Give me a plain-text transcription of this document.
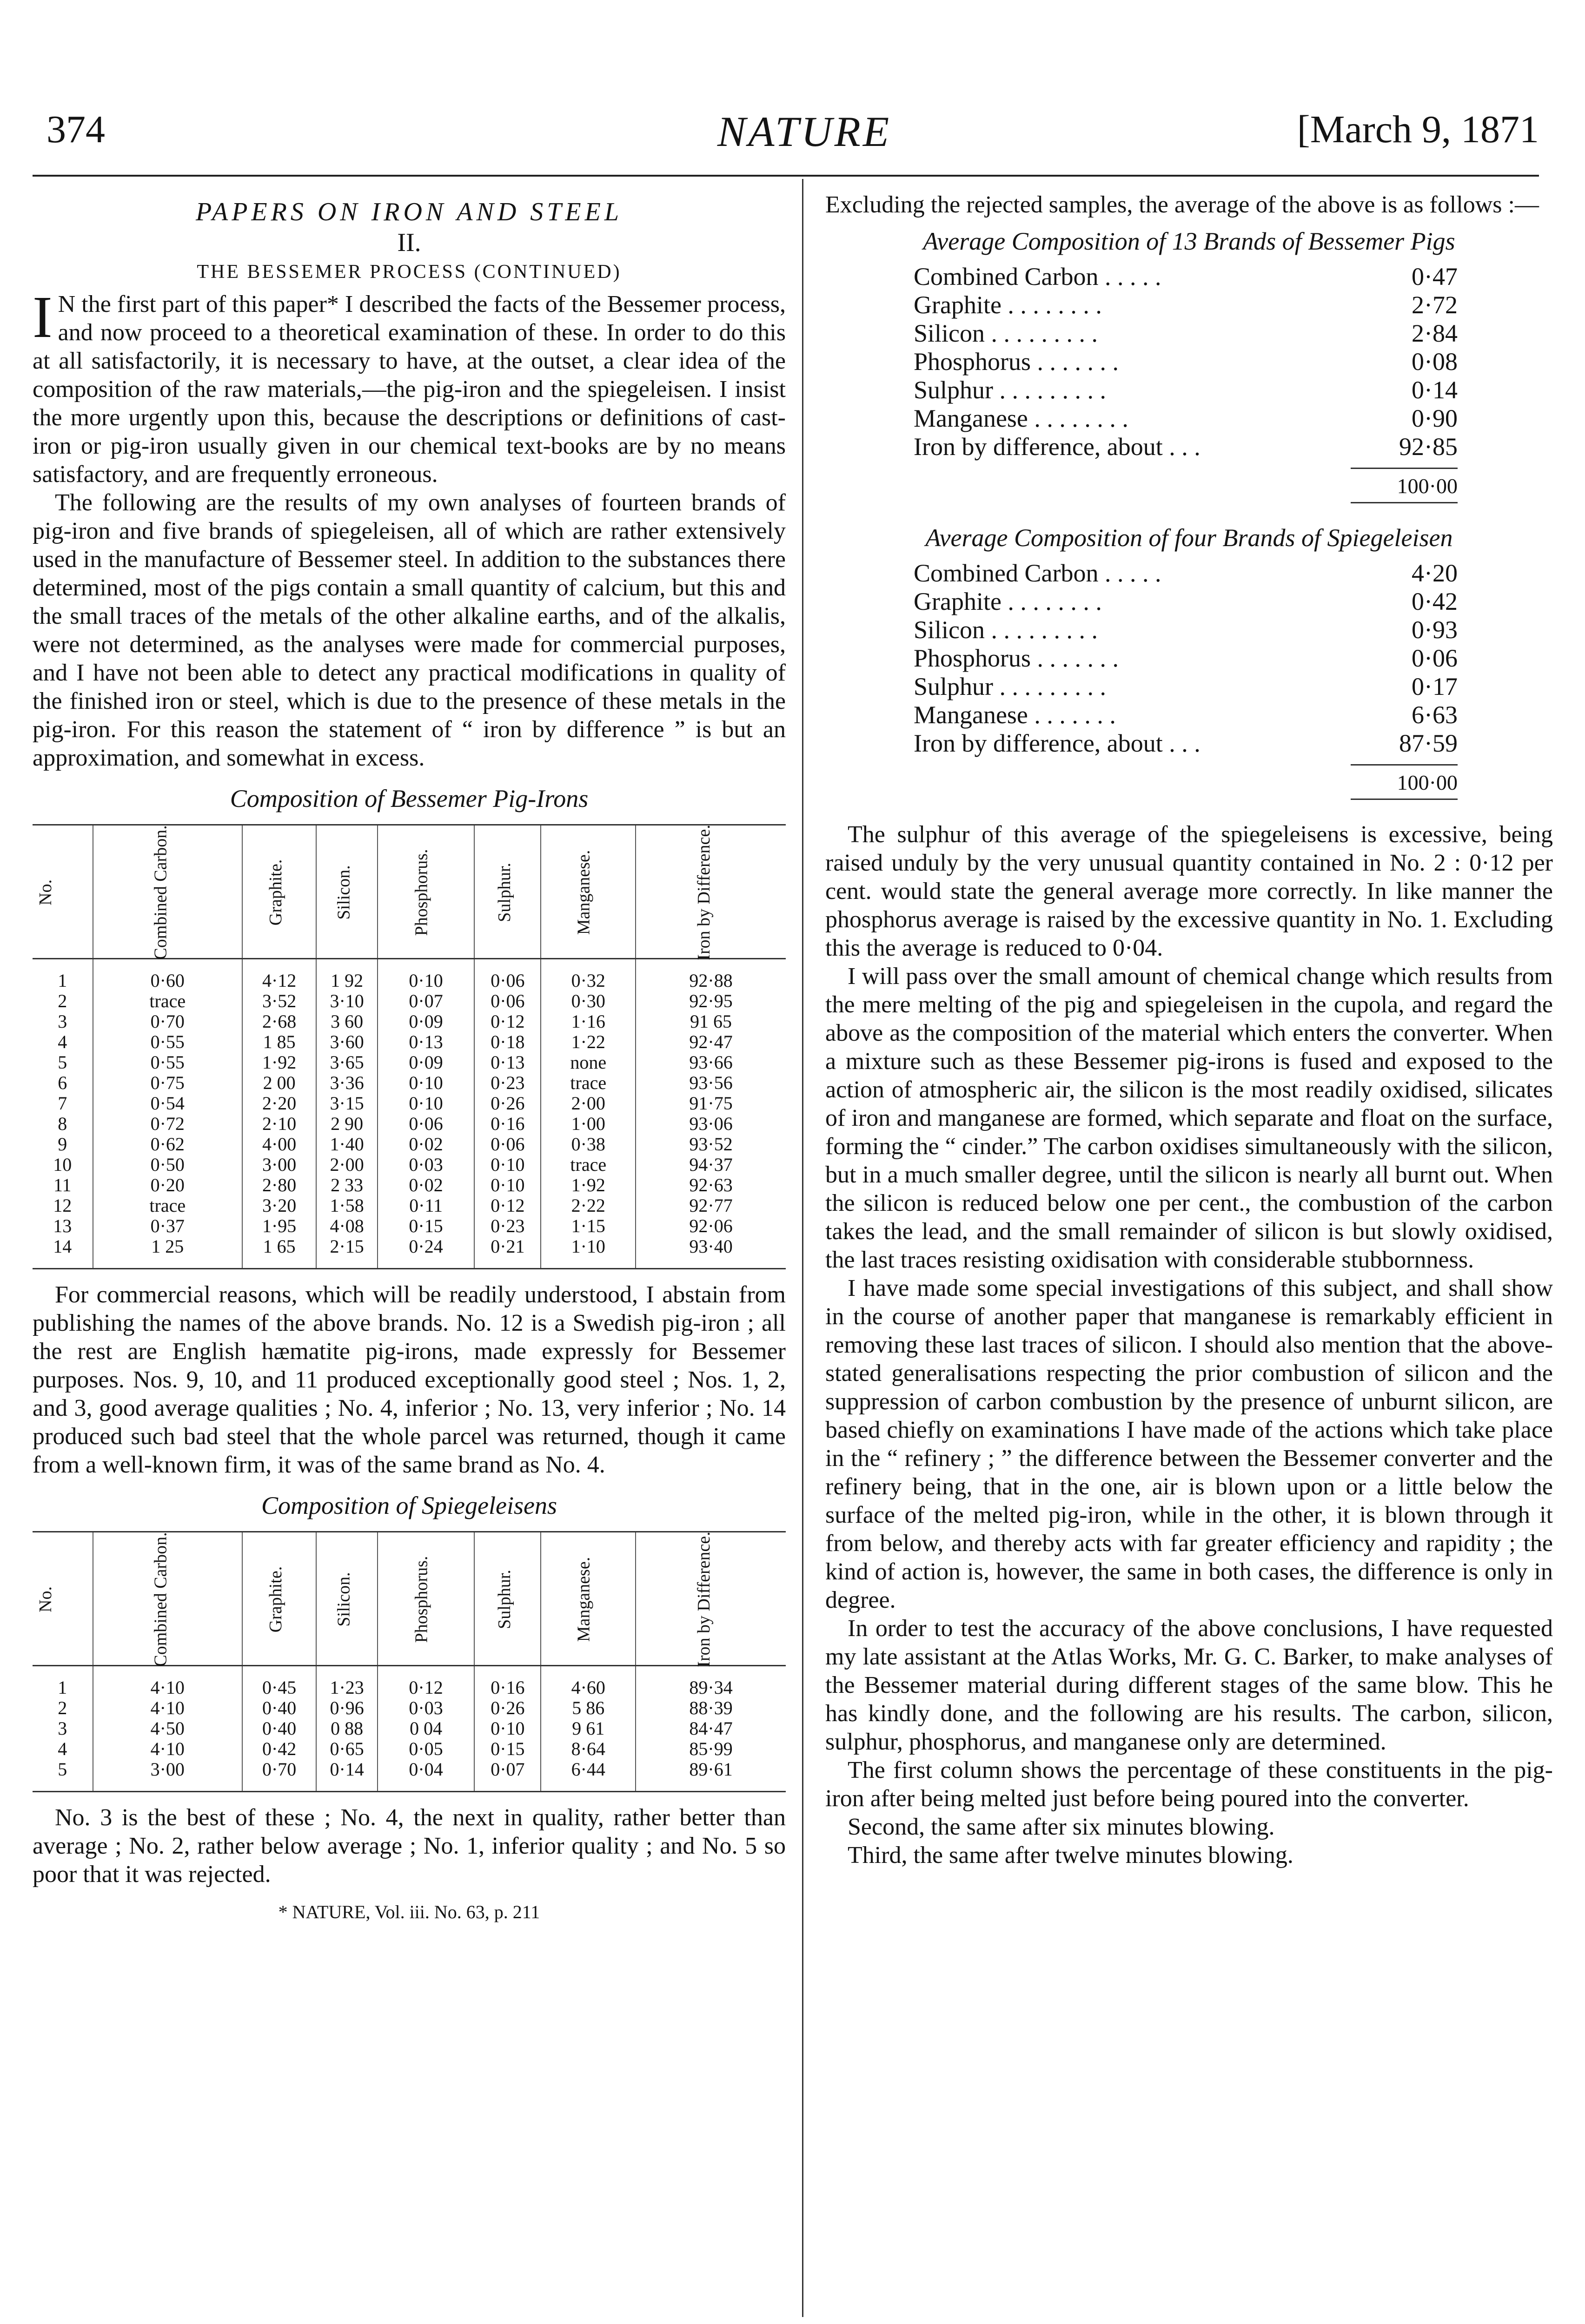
374	NATURE	[March 9, 1871
PAPERS ON IRON AND STEEL
II.
THE BESSEMER PROCESS (CONTINUED)

I N the first part of this paper* I described the facts of the Bessemer process, and now proceed to a theoretical examination of these. In order to do this at all satisfactorily, it is necessary to have, at the outset, a clear idea of the composition of the raw materials,—the pig-iron and the spiegeleisen. I insist the more urgently upon this, because the descriptions or definitions of cast-iron or pig-iron usually given in our chemical text-books are by no means satisfactory, and are frequently erroneous.

The following are the results of my own analyses of fourteen brands of pig-iron and five brands of spiegeleisen, all of which are rather extensively used in the manufacture of Bessemer steel. In addition to the substances there determined, most of the pigs contain a small quantity of calcium, but this and the small traces of the metals of the other alkaline earths, and of the alkalis, were not determined, as the analyses were made for commercial purposes, and I have not been able to detect any practical modifications in quality of the finished iron or steel, which is due to the presence of these metals in the pig-iron. For this reason the statement of “ iron by difference ” is but an approximation, and somewhat in excess.

Composition of Bessemer Pig-Irons
No.	Combined Carbon.	Graphite.	Silicon.	Phosphorus.	Sulphur.	Manganese.	Iron by Difference.
1	0·60	4·12	1 92	0·10	0·06	0·32	92·88
2	trace	3·52	3·10	0·07	0·06	0·30	92·95
3	0·70	2·68	3 60	0·09	0·12	1·16	91 65
4	0·55	1 85	3·60	0·13	0·18	1·22	92·47
5	0·55	1·92	3·65	0·09	0·13	none	93·66
6	0·75	2 00	3·36	0·10	0·23	trace	93·56
7	0·54	2·20	3·15	0·10	0·26	2·00	91·75
8	0·72	2·10	2 90	0·06	0·16	1·00	93·06
9	0·62	4·00	1·40	0·02	0·06	0·38	93·52
10	0·50	3·00	2·00	0·03	0·10	trace	94·37
11	0·20	2·80	2 33	0·02	0·10	1·92	92·63
12	trace	3·20	1·58	0·11	0·12	2·22	92·77
13	0·37	1·95	4·08	0·15	0·23	1·15	92·06
14	1 25	1 65	2·15	0·24	0·21	1·10	93·40

For commercial reasons, which will be readily understood, I abstain from publishing the names of the above brands. No. 12 is a Swedish pig-iron ; all the rest are English hæmatite pig-irons, made expressly for Bessemer purposes. Nos. 9, 10, and 11 produced exceptionally good steel ; Nos. 1, 2, and 3, good average qualities ; No. 4, inferior ; No. 13, very inferior ; No. 14 produced such bad steel that the whole parcel was returned, though it came from a well-known firm, it was of the same brand as No. 4.

Composition of Spiegeleisens
No.	Combined Carbon.	Graphite.	Silicon.	Phosphorus.	Sulphur.	Manganese.	Iron by Difference.
1	4·10	0·45	1·23	0·12	0·16	4·60	89·34
2	4·10	0·40	0·96	0·03	0·26	5 86	88·39
3	4·50	0·40	0 88	0 04	0·10	9 61	84·47
4	4·10	0·42	0·65	0·05	0·15	8·64	85·99
5	3·00	0·70	0·14	0·04	0·07	6·44	89·61

No. 3 is the best of these ; No. 4, the next in quality, rather better than average ; No. 2, rather below average ; No. 1, inferior quality ; and No. 5 so poor that it was rejected.

* NATURE, Vol. iii. No. 63, p. 211

Excluding the rejected samples, the average of the above is as follows :—

Average Composition of 13 Brands of Bessemer Pigs
Combined Carbon . . . . .	0·47
Graphite . . . . . . . .	2·72
Silicon . . . . . . . . .	2·84
Phosphorus . . . . . . .	0·08
Sulphur . . . . . . . . .	0·14
Manganese . . . . . . . .	0·90
Iron by difference, about . . .	92·85
100·00
Average Composition of four Brands of Spiegeleisen
Combined Carbon . . . . .	4·20
Graphite . . . . . . . .	0·42
Silicon . . . . . . . . .	0·93
Phosphorus . . . . . . .	0·06
Sulphur . . . . . . . . .	0·17
Manganese . . . . . . .	6·63
Iron by difference, about . . .	87·59
100·00

The sulphur of this average of the spiegeleisens is excessive, being raised unduly by the very unusual quantity contained in No. 2 : 0·12 per cent. would state the general average more correctly. In like manner the phosphorus average is raised by the excessive quantity in No. 1. Excluding this the average is reduced to 0·04.

I will pass over the small amount of chemical change which results from the mere melting of the pig and spiegeleisen in the cupola, and regard the above as the composition of the material which enters the converter. When a mixture such as these Bessemer pig-irons is fused and exposed to the action of atmospheric air, the silicon is the most readily oxidised, silicates of iron and manganese are formed, which separate and float on the surface, forming the “ cinder.” The carbon oxidises simultaneously with the silicon, but in a much smaller degree, until the silicon is nearly all burnt out. When the silicon is reduced below one per cent., the combustion of the carbon takes the lead, and the small remainder of silicon is but slowly oxidised, the last traces resisting oxidisation with considerable stubbornness.

I have made some special investigations of this subject, and shall show in the course of another paper that manganese is remarkably efficient in removing these last traces of silicon. I should also mention that the above-stated generalisations respecting the prior combustion of silicon and the suppression of carbon combustion by the presence of unburnt silicon, are based chiefly on examinations I have made of the actions which take place in the “ refinery ; ” the difference between the Bessemer converter and the refinery being, that in the one, air is blown upon or a little below the surface of the melted pig-iron, while in the other, it is blown through it from below, and thereby acts with far greater efficiency and rapidity ; the kind of action is, however, the same in both cases, the difference is only in degree.

In order to test the accuracy of the above conclusions, I have requested my late assistant at the Atlas Works, Mr. G. C. Barker, to make analyses of the Bessemer material during different stages of the same blow. This he has kindly done, and the following are his results. The carbon, silicon, sulphur, phosphorus, and manganese only are determined.

The first column shows the percentage of these constituents in the pig-iron after being melted just before being poured into the converter.

Second, the same after six minutes blowing.

Third, the same after twelve minutes blowing.
